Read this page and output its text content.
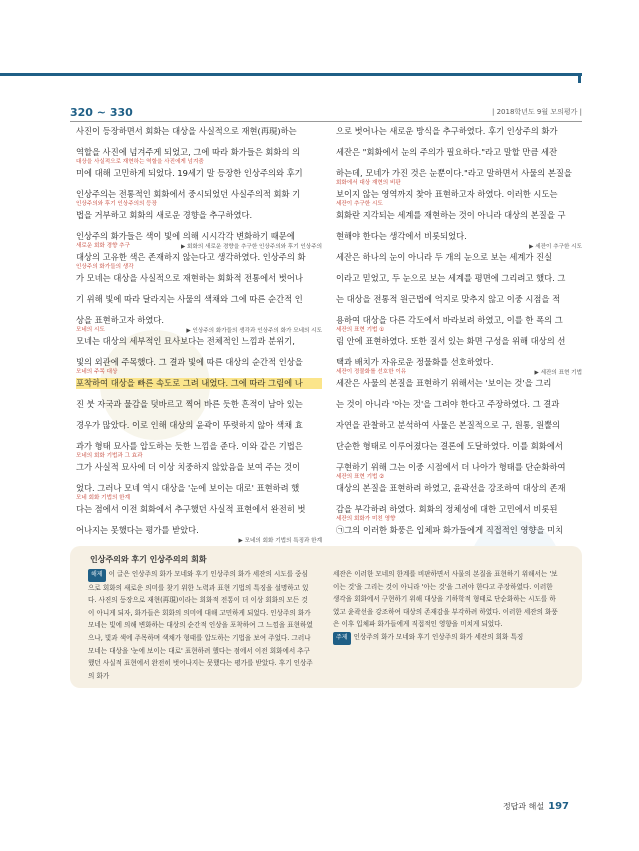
320 ~ 330	| 2018학년도 9월 모의평가 |
사진이 등장하면서 회화는 대상을 사실적으로 재현(再現)하는
역할을 사진에 넘겨주게 되었고, 그에 따라 화가들은 회화의 의
대상을 사실적으로 재현하는 역할을 사진에게 넘겨줌
미에 대해 고민하게 되었다. 19세기 말 등장한 인상주의와 후기
인상주의는 전통적인 회화에서 중시되었던 사실주의적 회화 기
인상주의와 후기 인상주의의 등장
법을 거부하고 회화의 새로운 경향을 추구하였다.
인상주의 화가들은 색이 빛에 의해 시시각각 변화하기 때문에
새로운 회화 경향 추구	▶ 회화의 새로운 경향을 추구한 인상주의와 후기 인상주의
대상의 고유한 색은 존재하지 않는다고 생각하였다. 인상주의 화
인상주의 화가들의 생각
가 모네는 대상을 사실적으로 재현하는 회화적 전통에서 벗어나
기 위해 빛에 따라 달라지는 사물의 색채와 그에 따른 순간적 인
상을 표현하고자 하였다.
모네의 시도	▶ 인상주의 화가들의 생각과 인상주의 화가 모네의 시도
모네는 대상의 세부적인 묘사보다는 전체적인 느낌과 분위기,
빛의 외관에 주목했다. 그 결과 빛에 따른 대상의 순간적 인상을
모네의 주목 대상
포착하여 대상을 빠른 속도로 그려 내었다. 그에 따라 그림에 나
진 붓 자국과 물감을 덧바르고 찍어 바른 듯한 흔적이 남아 있는
경우가 많았다. 이로 인해 대상의 윤곽이 뚜렷하지 않아 색채 효
과가 형태 묘사를 압도하는 듯한 느낌을 준다. 이와 같은 기법은
모네의 회화 기법과 그 효과
그가 사실적 묘사에 더 이상 치중하지 않았음을 보여 주는 것이
었다. 그러나 모네 역시 대상을 '눈에 보이는 대로' 표현하려 했
모네 회화 기법의 한계
다는 점에서 이전 회화에서 추구했던 사실적 표현에서 완전히 벗
어나지는 못했다는 평가를 받았다.
▶ 모네의 회화 기법의 특징과 한계
으로 벗어나는 새로운 방식을 추구하였다. 후기 인상주의 화가
세잔은 "회화에서 눈의 주의가 필요하다."라고 말할 만큼 세잔
하는데, 모네가 가진 것은 눈뿐이다."라고 말하면서 사물의 본질을
회화에서 대상 재현의 비판
보이지 않는 영역까지 찾아 표현하고자 하였다. 이러한 시도는
세잔이 추구한 시도
회화란 지각되는 세계를 재현하는 것이 아니라 대상의 본질을 구
현해야 한다는 생각에서 비롯되었다.
▶ 세잔이 추구한 시도
세잔은 하나의 눈이 아니라 두 개의 눈으로 보는 세계가 진실
이라고 믿었고, 두 눈으로 보는 세계를 평면에 그리려고 했다. 그
는 대상을 전통적 원근법에 억지로 맞추지 않고 이중 시점을 적
용하여 대상을 다른 각도에서 바라보려 하였고, 이를 한 폭의 그
세잔의 표현 기법 ①
림 안에 표현하였다. 또한 질서 있는 화면 구성을 위해 대상의 선
택과 배치가 자유로운 정물화를 선호하였다.
세잔이 정물화를 선호한 이유	▶ 세잔의 표현 기법
세잔은 사물의 본질을 표현하기 위해서는 '보이는 것'을 그리
는 것이 아니라 '아는 것'을 그려야 한다고 주장하였다. 그 결과
자연을 관찰하고 분석하여 사물은 본질적으로 구, 원통, 원뿔의
단순한 형태로 이루어졌다는 결론에 도달하였다. 이를 회화에서
구현하기 위해 그는 이중 시점에서 더 나아가 형태를 단순화하여
세잔의 표현 기법 ②
대상의 본질을 표현하려 하였고, 윤곽선을 강조하여 대상의 존재
감을 부각하려 하였다. 회화의 정체성에 대한 고민에서 비롯된
세잔의 회화가 미친 영향
㉠그의 이러한 화풍은 입체파 화가들에게 직접적인 영향을 미치
인상주의와 후기 인상주의의 회화
해제 이 글은 인상주의 화가 모네와 후기 인상주의 화가 세잔의 시도를 중심으로 회화의 새로운 의미를 찾기 위한 노력과 표현 기법의 특징을 설명하고 있다. 사진의 등장으로 재현(再現)이라는 회화적 전통이 더 이상 회화의 모든 것이 아니게 되자, 화가들은 회화의 의미에 대해 고민하게 되었다. 인상주의 화가 모네는 빛에 의해 변화하는 대상의 순간적 인상을 포착하여 그 느낌을 표현하였으나, 빛과 색에 주목하며 색채가 형태를 압도하는 기법을 보여 주었다. 그러나 모네는 대상을 '눈에 보이는 대로' 표현하려 했다는 점에서 이전 회화에서 추구했던 사실적 표현에서 완전히 벗어나지는 못했다는 평가를 받았다. 후기 인상주의 화가
세잔은 이러한 모네의 한계를 비판하면서 사물의 본질을 표현하기 위해서는 '보이는 것'을 그리는 것이 아니라 '아는 것'을 그려야 한다고 주장하였다. 이러한 생각을 회화에서 구현하기 위해 대상을 기하학적 형태로 단순화하는 시도를 하였고 윤곽선을 강조하여 대상의 존재감을 부각하려 하였다. 이러한 세잔의 화풍은 이후 입체파 화가들에게 직접적인 영향을 미치게 되었다.
주제 인상주의 화가 모네와 후기 인상주의 화가 세잔의 회화 특징
정답과 해설 197
